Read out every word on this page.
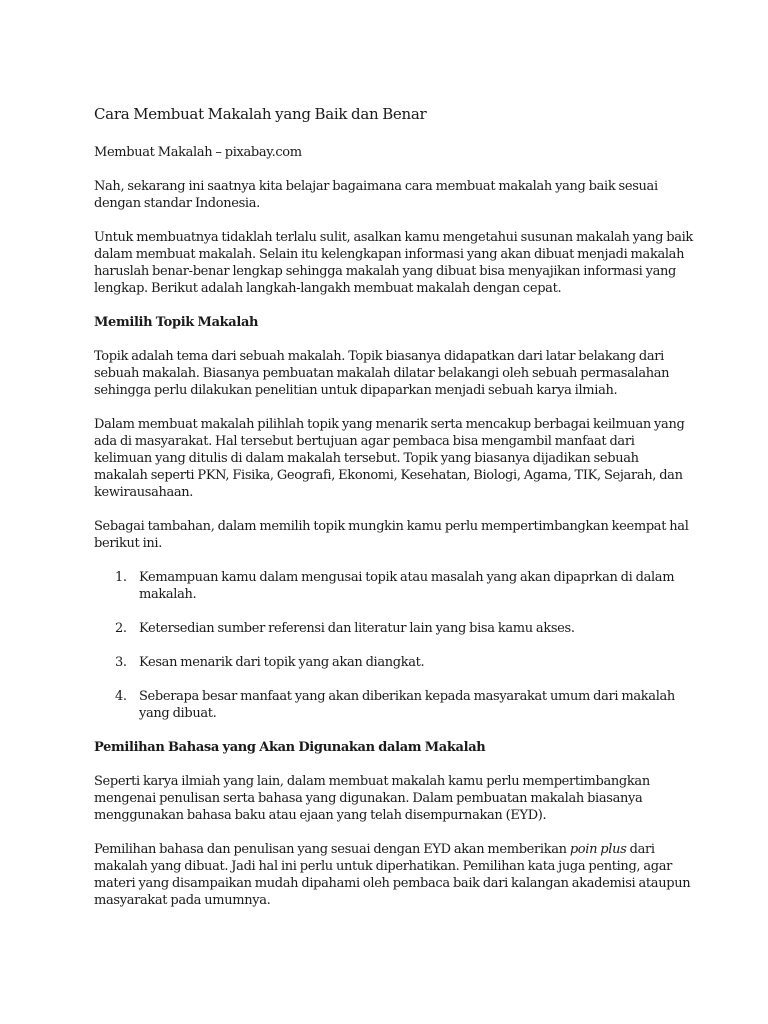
Cara Membuat Makalah yang Baik dan Benar

Membuat Makalah – pixabay.com

Nah, sekarang ini saatnya kita belajar bagaimana cara membuat makalah yang baik sesuai dengan standar Indonesia.

Untuk membuatnya tidaklah terlalu sulit, asalkan kamu mengetahui susunan makalah yang baik dalam membuat makalah. Selain itu kelengkapan informasi yang akan dibuat menjadi makalah haruslah benar-benar lengkap sehingga makalah yang dibuat bisa menyajikan informasi yang lengkap. Berikut adalah langkah-langakh membuat makalah dengan cepat.

Memilih Topik Makalah

Topik adalah tema dari sebuah makalah. Topik biasanya didapatkan dari latar belakang dari sebuah makalah. Biasanya pembuatan makalah dilatar belakangi oleh sebuah permasalahan sehingga perlu dilakukan penelitian untuk dipaparkan menjadi sebuah karya ilmiah.

Dalam membuat makalah pilihlah topik yang menarik serta mencakup berbagai keilmuan yang ada di masyarakat. Hal tersebut bertujuan agar pembaca bisa mengambil manfaat dari kelimuan yang ditulis di dalam makalah tersebut. Topik yang biasanya dijadikan sebuah makalah seperti PKN, Fisika, Geografi, Ekonomi, Kesehatan, Biologi, Agama, TIK, Sejarah, dan kewirausahaan.

Sebagai tambahan, dalam memilih topik mungkin kamu perlu mempertimbangkan keempat hal berikut ini.

1. Kemampuan kamu dalam mengusai topik atau masalah yang akan dipaprkan di dalam makalah.
2. Ketersedian sumber referensi dan literatur lain yang bisa kamu akses.
3. Kesan menarik dari topik yang akan diangkat.
4. Seberapa besar manfaat yang akan diberikan kepada masyarakat umum dari makalah yang dibuat.
Pemilihan Bahasa yang Akan Digunakan dalam Makalah

Seperti karya ilmiah yang lain, dalam membuat makalah kamu perlu mempertimbangkan mengenai penulisan serta bahasa yang digunakan. Dalam pembuatan makalah biasanya menggunakan bahasa baku atau ejaan yang telah disempurnakan (EYD).

Pemilihan bahasa dan penulisan yang sesuai dengan EYD akan memberikan poin plus dari makalah yang dibuat. Jadi hal ini perlu untuk diperhatikan. Pemilihan kata juga penting, agar materi yang disampaikan mudah dipahami oleh pembaca baik dari kalangan akademisi ataupun masyarakat pada umumnya.
